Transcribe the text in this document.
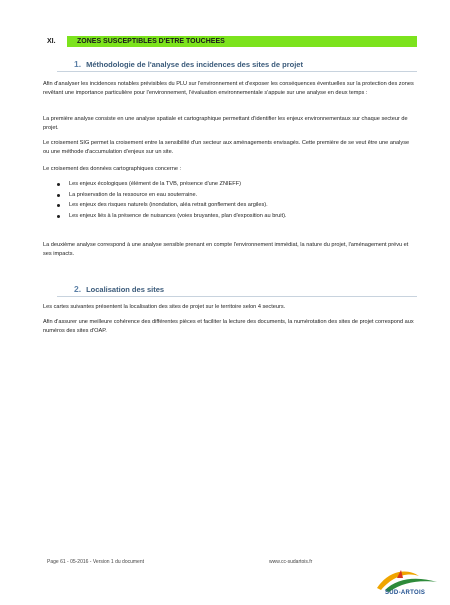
XI.	ZONES SUSCEPTIBLES D'ETRE TOUCHEES
1. Méthodologie de l'analyse des incidences des sites de projet
Afin d'analyser les incidences notables prévisibles du PLU sur l'environnement et d'exposer les conséquences éventuelles sur la protection des zones revêtant une importance particulière pour l'environnement, l'évaluation environnementale s'appuie sur une analyse en deux temps :
La première analyse consiste en une analyse spatiale et cartographique permettant d'identifier les enjeux environnementaux sur chaque secteur de projet.
Le croisement SIG permet la croisement entre la sensibilité d'un secteur aux aménagements envisagés. Cette première de se veut être une analyse ou une méthode d'accumulation d'enjeux sur un site.
Le croisement des données cartographiques concerne :
Les enjeux écologiques (élément de la TVB, présence d'une ZNIEFF)
La préservation de la ressource en eau souterraine.
Les enjeux des risques naturels (inondation, aléa retrait gonflement des argiles).
Les enjeux liés à la présence de nuisances (voies bruyantes, plan d'exposition au bruit).
La deuxième analyse correspond à une analyse sensible prenant en compte l'environnement immédiat, la nature du projet, l'aménagement prévu et ses impacts.
2. Localisation des sites
Les cartes suivantes présentent la localisation des sites de projet sur le territoire selon 4 secteurs.
Afin d'assurer une meilleure cohérence des différentes pièces et faciliter la lecture des documents, la numérotation des sites de projet correspond aux numéros des sites d'OAP.
Page 61 - 05-2016 - Version 1 du document	www.cc-sudartois.fr
SUD-ARTOIS
